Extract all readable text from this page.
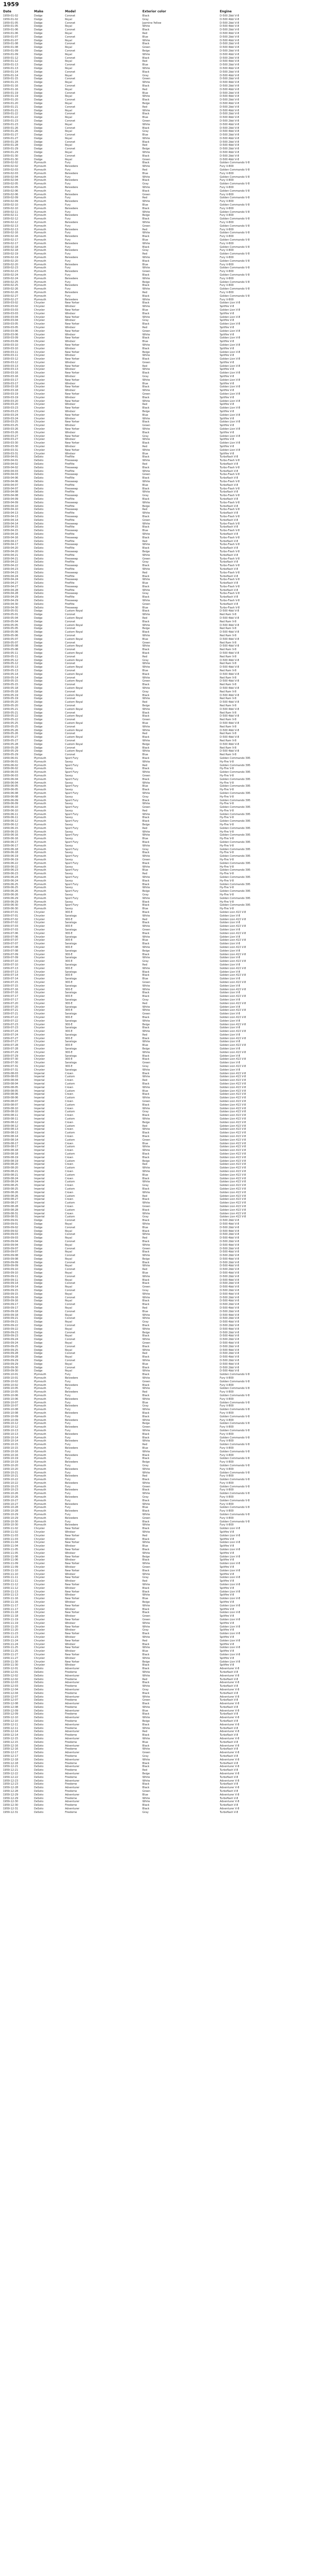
1959
Date	Make	Model	Exterior color	Engine
1959-01-02	Dodge	Coronet	Black	D-500 2bbl V-8
1959-01-02	Dodge	Royal	Gray	D-500 4bbl V-8
1959-01-05	Dodge	Coronet	Jasmine Yellow	D-500 2bbl V-8
1959-01-05	Dodge	Royal	White	D-500 4bbl V-8
1959-01-06	Dodge	Coronet	Black	D-500 2bbl V-8
1959-01-06	Dodge	Royal	Red	D-500 4bbl V-8
1959-01-07	Dodge	Coronet	Blue	D-500 2bbl V-8
1959-01-07	Dodge	Royal	White	D-500 4bbl V-8
1959-01-08	Dodge	Coronet	Black	D-500 2bbl V-8
1959-01-08	Dodge	Royal	Green	D-500 4bbl V-8
1959-01-09	Dodge	Coronet	Beige	D-500 2bbl V-8
1959-01-09	Dodge	Royal	White	D-500 4bbl V-8
1959-01-12	Dodge	Coronet	Black	D-500 2bbl V-8
1959-01-12	Dodge	Royal	Red	D-500 4bbl V-8
1959-01-13	Dodge	Coronet	Blue	D-500 2bbl V-8
1959-01-13	Dodge	Royal	White	D-500 4bbl V-8
1959-01-14	Dodge	Coronet	Black	D-500 2bbl V-8
1959-01-14	Dodge	Royal	Gray	D-500 4bbl V-8
1959-01-15	Dodge	Coronet	Green	D-500 2bbl V-8
1959-01-15	Dodge	Royal	White	D-500 4bbl V-8
1959-01-16	Dodge	Coronet	Black	D-500 2bbl V-8
1959-01-16	Dodge	Royal	Red	D-500 4bbl V-8
1959-01-19	Dodge	Coronet	Blue	D-500 2bbl V-8
1959-01-19	Dodge	Royal	White	D-500 4bbl V-8
1959-01-20	Dodge	Coronet	Black	D-500 2bbl V-8
1959-01-20	Dodge	Royal	Beige	D-500 4bbl V-8
1959-01-21	Dodge	Coronet	Red	D-500 2bbl V-8
1959-01-21	Dodge	Royal	White	D-500 4bbl V-8
1959-01-22	Dodge	Coronet	Black	D-500 2bbl V-8
1959-01-22	Dodge	Royal	Blue	D-500 4bbl V-8
1959-01-23	Dodge	Coronet	Green	D-500 2bbl V-8
1959-01-23	Dodge	Royal	White	D-500 4bbl V-8
1959-01-26	Dodge	Coronet	Black	D-500 2bbl V-8
1959-01-26	Dodge	Royal	Gray	D-500 4bbl V-8
1959-01-27	Dodge	Coronet	Blue	D-500 2bbl V-8
1959-01-27	Dodge	Royal	White	D-500 4bbl V-8
1959-01-28	Dodge	Coronet	Black	D-500 2bbl V-8
1959-01-28	Dodge	Royal	Red	D-500 4bbl V-8
1959-01-29	Dodge	Coronet	Beige	D-500 2bbl V-8
1959-01-29	Dodge	Royal	White	D-500 4bbl V-8
1959-01-30	Dodge	Coronet	Black	D-500 2bbl V-8
1959-01-30	Dodge	Royal	Green	D-500 4bbl V-8
1959-02-02	Plymouth	Fury	Black	Golden Commando V-8
1959-02-02	Plymouth	Belvedere	White	Fury V-800
1959-02-03	Plymouth	Fury	Red	Golden Commando V-8
1959-02-03	Plymouth	Belvedere	Blue	Fury V-800
1959-02-04	Plymouth	Fury	White	Golden Commando V-8
1959-02-04	Plymouth	Belvedere	Black	Fury V-800
1959-02-05	Plymouth	Fury	Gray	Golden Commando V-8
1959-02-05	Plymouth	Belvedere	White	Fury V-800
1959-02-06	Plymouth	Fury	Black	Golden Commando V-8
1959-02-06	Plymouth	Belvedere	Green	Fury V-800
1959-02-09	Plymouth	Fury	Red	Golden Commando V-8
1959-02-09	Plymouth	Belvedere	White	Fury V-800
1959-02-10	Plymouth	Fury	Blue	Golden Commando V-8
1959-02-10	Plymouth	Belvedere	Black	Fury V-800
1959-02-11	Plymouth	Fury	White	Golden Commando V-8
1959-02-11	Plymouth	Belvedere	Beige	Fury V-800
1959-02-12	Plymouth	Fury	Black	Golden Commando V-8
1959-02-12	Plymouth	Belvedere	White	Fury V-800
1959-02-13	Plymouth	Fury	Green	Golden Commando V-8
1959-02-13	Plymouth	Belvedere	Red	Fury V-800
1959-02-16	Plymouth	Fury	White	Golden Commando V-8
1959-02-16	Plymouth	Belvedere	Black	Fury V-800
1959-02-17	Plymouth	Fury	Blue	Golden Commando V-8
1959-02-17	Plymouth	Belvedere	White	Fury V-800
1959-02-18	Plymouth	Fury	Black	Golden Commando V-8
1959-02-18	Plymouth	Belvedere	Gray	Fury V-800
1959-02-19	Plymouth	Fury	Red	Golden Commando V-8
1959-02-19	Plymouth	Belvedere	White	Fury V-800
1959-02-20	Plymouth	Fury	Black	Golden Commando V-8
1959-02-20	Plymouth	Belvedere	Blue	Fury V-800
1959-02-23	Plymouth	Fury	White	Golden Commando V-8
1959-02-23	Plymouth	Belvedere	Green	Fury V-800
1959-02-24	Plymouth	Fury	Black	Golden Commando V-8
1959-02-24	Plymouth	Belvedere	White	Fury V-800
1959-02-25	Plymouth	Fury	Beige	Golden Commando V-8
1959-02-25	Plymouth	Belvedere	Black	Fury V-800
1959-02-26	Plymouth	Fury	White	Golden Commando V-8
1959-02-26	Plymouth	Belvedere	Red	Fury V-800
1959-02-27	Plymouth	Fury	Black	Golden Commando V-8
1959-02-27	Plymouth	Belvedere	White	Fury V-800
1959-03-02	Chrysler	New Yorker	Black	Golden Lion V-8
1959-03-02	Chrysler	Windsor	White	Spitfire V-8
1959-03-03	Chrysler	New Yorker	Blue	Golden Lion V-8
1959-03-03	Chrysler	Windsor	Black	Spitfire V-8
1959-03-04	Chrysler	New Yorker	White	Golden Lion V-8
1959-03-04	Chrysler	Windsor	Gray	Spitfire V-8
1959-03-05	Chrysler	New Yorker	Black	Golden Lion V-8
1959-03-05	Chrysler	Windsor	Red	Spitfire V-8
1959-03-06	Chrysler	New Yorker	Green	Golden Lion V-8
1959-03-06	Chrysler	Windsor	White	Spitfire V-8
1959-03-09	Chrysler	New Yorker	Black	Golden Lion V-8
1959-03-09	Chrysler	Windsor	Blue	Spitfire V-8
1959-03-10	Chrysler	New Yorker	White	Golden Lion V-8
1959-03-10	Chrysler	Windsor	Black	Spitfire V-8
1959-03-11	Chrysler	New Yorker	Beige	Golden Lion V-8
1959-03-11	Chrysler	Windsor	White	Spitfire V-8
1959-03-12	Chrysler	New Yorker	Black	Golden Lion V-8
1959-03-12	Chrysler	Windsor	Green	Spitfire V-8
1959-03-13	Chrysler	New Yorker	Red	Golden Lion V-8
1959-03-13	Chrysler	Windsor	White	Spitfire V-8
1959-03-16	Chrysler	New Yorker	Black	Golden Lion V-8
1959-03-16	Chrysler	Windsor	Gray	Spitfire V-8
1959-03-17	Chrysler	New Yorker	White	Golden Lion V-8
1959-03-17	Chrysler	Windsor	Blue	Spitfire V-8
1959-03-18	Chrysler	New Yorker	Black	Golden Lion V-8
1959-03-18	Chrysler	Windsor	White	Spitfire V-8
1959-03-19	Chrysler	New Yorker	Green	Golden Lion V-8
1959-03-19	Chrysler	Windsor	Black	Spitfire V-8
1959-03-20	Chrysler	New Yorker	White	Golden Lion V-8
1959-03-20	Chrysler	Windsor	Red	Spitfire V-8
1959-03-23	Chrysler	New Yorker	Black	Golden Lion V-8
1959-03-23	Chrysler	Windsor	Beige	Spitfire V-8
1959-03-24	Chrysler	New Yorker	Blue	Golden Lion V-8
1959-03-24	Chrysler	Windsor	White	Spitfire V-8
1959-03-25	Chrysler	New Yorker	Black	Golden Lion V-8
1959-03-25	Chrysler	Windsor	Green	Spitfire V-8
1959-03-26	Chrysler	New Yorker	White	Golden Lion V-8
1959-03-26	Chrysler	Windsor	Black	Spitfire V-8
1959-03-27	Chrysler	New Yorker	Gray	Golden Lion V-8
1959-03-27	Chrysler	Windsor	White	Spitfire V-8
1959-03-30	Chrysler	New Yorker	Black	Golden Lion V-8
1959-03-30	Chrysler	Windsor	Red	Spitfire V-8
1959-03-31	Chrysler	New Yorker	White	Golden Lion V-8
1959-03-31	Chrysler	Windsor	Blue	Spitfire V-8
1959-04-01	DeSoto	Fireflite	Black	Turboflash V-8
1959-04-01	DeSoto	Firesweep	White	Turbo-Flash V-8
1959-04-02	DeSoto	Fireflite	Red	Turboflash V-8
1959-04-02	DeSoto	Firesweep	Black	Turbo-Flash V-8
1959-04-03	DeSoto	Fireflite	White	Turboflash V-8
1959-04-03	DeSoto	Firesweep	Green	Turbo-Flash V-8
1959-04-06	DeSoto	Fireflite	Black	Turboflash V-8
1959-04-06	DeSoto	Firesweep	White	Turbo-Flash V-8
1959-04-07	DeSoto	Fireflite	Blue	Turboflash V-8
1959-04-07	DeSoto	Firesweep	Black	Turbo-Flash V-8
1959-04-08	DeSoto	Fireflite	White	Turboflash V-8
1959-04-08	DeSoto	Firesweep	Gray	Turbo-Flash V-8
1959-04-09	DeSoto	Fireflite	Black	Turboflash V-8
1959-04-09	DeSoto	Firesweep	White	Turbo-Flash V-8
1959-04-10	DeSoto	Fireflite	Beige	Turboflash V-8
1959-04-10	DeSoto	Firesweep	Red	Turbo-Flash V-8
1959-04-13	DeSoto	Fireflite	White	Turboflash V-8
1959-04-13	DeSoto	Firesweep	Black	Turbo-Flash V-8
1959-04-14	DeSoto	Fireflite	Green	Turboflash V-8
1959-04-14	DeSoto	Firesweep	White	Turbo-Flash V-8
1959-04-15	DeSoto	Fireflite	Black	Turboflash V-8
1959-04-15	DeSoto	Firesweep	Blue	Turbo-Flash V-8
1959-04-16	DeSoto	Fireflite	White	Turboflash V-8
1959-04-16	DeSoto	Firesweep	Black	Turbo-Flash V-8
1959-04-17	DeSoto	Fireflite	Red	Turboflash V-8
1959-04-17	DeSoto	Firesweep	White	Turbo-Flash V-8
1959-04-20	DeSoto	Fireflite	Black	Turboflash V-8
1959-04-20	DeSoto	Firesweep	Beige	Turbo-Flash V-8
1959-04-21	DeSoto	Fireflite	White	Turboflash V-8
1959-04-21	DeSoto	Firesweep	Green	Turbo-Flash V-8
1959-04-22	DeSoto	Fireflite	Gray	Turboflash V-8
1959-04-22	DeSoto	Firesweep	Black	Turbo-Flash V-8
1959-04-23	DeSoto	Fireflite	White	Turboflash V-8
1959-04-23	DeSoto	Firesweep	Red	Turbo-Flash V-8
1959-04-24	DeSoto	Fireflite	Black	Turboflash V-8
1959-04-24	DeSoto	Firesweep	White	Turbo-Flash V-8
1959-04-27	DeSoto	Fireflite	Blue	Turboflash V-8
1959-04-27	DeSoto	Firesweep	Black	Turbo-Flash V-8
1959-04-28	DeSoto	Fireflite	White	Turboflash V-8
1959-04-28	DeSoto	Firesweep	Gray	Turbo-Flash V-8
1959-04-29	DeSoto	Fireflite	Black	Turboflash V-8
1959-04-29	DeSoto	Firesweep	White	Turbo-Flash V-8
1959-04-30	DeSoto	Fireflite	Green	Turboflash V-8
1959-04-30	DeSoto	Firesweep	Blue	Turbo-Flash V-8
1959-05-01	Dodge	Custom Royal	Black	D-500 4bbl V-8
1959-05-01	Dodge	Coronet	White	Red Ram V-8
1959-05-04	Dodge	Custom Royal	Red	D-500 4bbl V-8
1959-05-04	Dodge	Coronet	Black	Red Ram V-8
1959-05-05	Dodge	Custom Royal	White	D-500 4bbl V-8
1959-05-05	Dodge	Coronet	Beige	Red Ram V-8
1959-05-06	Dodge	Custom Royal	Black	D-500 4bbl V-8
1959-05-06	Dodge	Coronet	White	Red Ram V-8
1959-05-07	Dodge	Custom Royal	Blue	D-500 4bbl V-8
1959-05-07	Dodge	Coronet	Green	Red Ram V-8
1959-05-08	Dodge	Custom Royal	White	D-500 4bbl V-8
1959-05-08	Dodge	Coronet	Black	Red Ram V-8
1959-05-11	Dodge	Custom Royal	Black	D-500 4bbl V-8
1959-05-11	Dodge	Coronet	Red	Red Ram V-8
1959-05-12	Dodge	Custom Royal	Gray	D-500 4bbl V-8
1959-05-12	Dodge	Coronet	White	Red Ram V-8
1959-05-13	Dodge	Custom Royal	White	D-500 4bbl V-8
1959-05-13	Dodge	Coronet	Blue	Red Ram V-8
1959-05-14	Dodge	Custom Royal	Black	D-500 4bbl V-8
1959-05-14	Dodge	Coronet	White	Red Ram V-8
1959-05-15	Dodge	Custom Royal	Green	D-500 4bbl V-8
1959-05-15	Dodge	Coronet	Black	Red Ram V-8
1959-05-18	Dodge	Custom Royal	White	D-500 4bbl V-8
1959-05-18	Dodge	Coronet	Gray	Red Ram V-8
1959-05-19	Dodge	Custom Royal	Black	D-500 4bbl V-8
1959-05-19	Dodge	Coronet	White	Red Ram V-8
1959-05-20	Dodge	Custom Royal	Red	D-500 4bbl V-8
1959-05-20	Dodge	Coronet	Beige	Red Ram V-8
1959-05-21	Dodge	Custom Royal	White	D-500 4bbl V-8
1959-05-21	Dodge	Coronet	Black	Red Ram V-8
1959-05-22	Dodge	Custom Royal	Black	D-500 4bbl V-8
1959-05-22	Dodge	Coronet	Green	Red Ram V-8
1959-05-25	Dodge	Custom Royal	Blue	D-500 4bbl V-8
1959-05-25	Dodge	Coronet	White	Red Ram V-8
1959-05-26	Dodge	Custom Royal	White	D-500 4bbl V-8
1959-05-26	Dodge	Coronet	Red	Red Ram V-8
1959-05-27	Dodge	Custom Royal	Black	D-500 4bbl V-8
1959-05-27	Dodge	Coronet	White	Red Ram V-8
1959-05-28	Dodge	Custom Royal	Beige	D-500 4bbl V-8
1959-05-28	Dodge	Coronet	Black	Red Ram V-8
1959-05-29	Dodge	Custom Royal	White	D-500 4bbl V-8
1959-05-29	Dodge	Coronet	Blue	Red Ram V-8
1959-06-01	Plymouth	Sport Fury	Black	Golden Commando 395
1959-06-01	Plymouth	Savoy	White	Hy-Fire V-8
1959-06-02	Plymouth	Sport Fury	Red	Golden Commando 395
1959-06-02	Plymouth	Savoy	Black	Hy-Fire V-8
1959-06-03	Plymouth	Sport Fury	White	Golden Commando 395
1959-06-03	Plymouth	Savoy	Green	Hy-Fire V-8
1959-06-04	Plymouth	Sport Fury	Black	Golden Commando 395
1959-06-04	Plymouth	Savoy	White	Hy-Fire V-8
1959-06-05	Plymouth	Sport Fury	Blue	Golden Commando 395
1959-06-05	Plymouth	Savoy	Black	Hy-Fire V-8
1959-06-08	Plymouth	Sport Fury	White	Golden Commando 395
1959-06-08	Plymouth	Savoy	Gray	Hy-Fire V-8
1959-06-09	Plymouth	Sport Fury	Black	Golden Commando 395
1959-06-09	Plymouth	Savoy	White	Hy-Fire V-8
1959-06-10	Plymouth	Sport Fury	Green	Golden Commando 395
1959-06-10	Plymouth	Savoy	Red	Hy-Fire V-8
1959-06-11	Plymouth	Sport Fury	White	Golden Commando 395
1959-06-11	Plymouth	Savoy	Black	Hy-Fire V-8
1959-06-12	Plymouth	Sport Fury	Black	Golden Commando 395
1959-06-12	Plymouth	Savoy	Beige	Hy-Fire V-8
1959-06-15	Plymouth	Sport Fury	Red	Golden Commando 395
1959-06-15	Plymouth	Savoy	White	Hy-Fire V-8
1959-06-16	Plymouth	Sport Fury	White	Golden Commando 395
1959-06-16	Plymouth	Savoy	Blue	Hy-Fire V-8
1959-06-17	Plymouth	Sport Fury	Black	Golden Commando 395
1959-06-17	Plymouth	Savoy	White	Hy-Fire V-8
1959-06-18	Plymouth	Sport Fury	Gray	Golden Commando 395
1959-06-18	Plymouth	Savoy	Black	Hy-Fire V-8
1959-06-19	Plymouth	Sport Fury	White	Golden Commando 395
1959-06-19	Plymouth	Savoy	Green	Hy-Fire V-8
1959-06-22	Plymouth	Sport Fury	Black	Golden Commando 395
1959-06-22	Plymouth	Savoy	White	Hy-Fire V-8
1959-06-23	Plymouth	Sport Fury	Blue	Golden Commando 395
1959-06-23	Plymouth	Savoy	Red	Hy-Fire V-8
1959-06-24	Plymouth	Sport Fury	White	Golden Commando 395
1959-06-24	Plymouth	Savoy	Black	Hy-Fire V-8
1959-06-25	Plymouth	Sport Fury	Black	Golden Commando 395
1959-06-25	Plymouth	Savoy	White	Hy-Fire V-8
1959-06-26	Plymouth	Sport Fury	Beige	Golden Commando 395
1959-06-26	Plymouth	Savoy	Gray	Hy-Fire V-8
1959-06-29	Plymouth	Sport Fury	White	Golden Commando 395
1959-06-29	Plymouth	Savoy	Black	Hy-Fire V-8
1959-06-30	Plymouth	Sport Fury	Black	Golden Commando 395
1959-06-30	Plymouth	Savoy	Blue	Hy-Fire V-8
1959-07-01	Chrysler	300-E	Black	Golden Lion 413 V-8
1959-07-01	Chrysler	Saratoga	White	Golden Lion V-8
1959-07-02	Chrysler	300-E	Red	Golden Lion 413 V-8
1959-07-02	Chrysler	Saratoga	Black	Golden Lion V-8
1959-07-03	Chrysler	300-E	White	Golden Lion 413 V-8
1959-07-03	Chrysler	Saratoga	Green	Golden Lion V-8
1959-07-06	Chrysler	300-E	Black	Golden Lion 413 V-8
1959-07-06	Chrysler	Saratoga	White	Golden Lion V-8
1959-07-07	Chrysler	300-E	Blue	Golden Lion 413 V-8
1959-07-07	Chrysler	Saratoga	Black	Golden Lion V-8
1959-07-08	Chrysler	300-E	White	Golden Lion 413 V-8
1959-07-08	Chrysler	Saratoga	Beige	Golden Lion V-8
1959-07-09	Chrysler	300-E	Black	Golden Lion 413 V-8
1959-07-09	Chrysler	Saratoga	White	Golden Lion V-8
1959-07-10	Chrysler	300-E	Gray	Golden Lion 413 V-8
1959-07-10	Chrysler	Saratoga	Red	Golden Lion V-8
1959-07-13	Chrysler	300-E	White	Golden Lion 413 V-8
1959-07-13	Chrysler	Saratoga	Black	Golden Lion V-8
1959-07-14	Chrysler	300-E	Black	Golden Lion 413 V-8
1959-07-14	Chrysler	Saratoga	Blue	Golden Lion V-8
1959-07-15	Chrysler	300-E	Green	Golden Lion 413 V-8
1959-07-15	Chrysler	Saratoga	White	Golden Lion V-8
1959-07-16	Chrysler	300-E	White	Golden Lion 413 V-8
1959-07-16	Chrysler	Saratoga	Black	Golden Lion V-8
1959-07-17	Chrysler	300-E	Black	Golden Lion 413 V-8
1959-07-17	Chrysler	Saratoga	Gray	Golden Lion V-8
1959-07-20	Chrysler	300-E	Red	Golden Lion 413 V-8
1959-07-20	Chrysler	Saratoga	White	Golden Lion V-8
1959-07-21	Chrysler	300-E	White	Golden Lion 413 V-8
1959-07-21	Chrysler	Saratoga	Green	Golden Lion V-8
1959-07-22	Chrysler	300-E	Black	Golden Lion 413 V-8
1959-07-22	Chrysler	Saratoga	White	Golden Lion V-8
1959-07-23	Chrysler	300-E	Beige	Golden Lion 413 V-8
1959-07-23	Chrysler	Saratoga	Black	Golden Lion V-8
1959-07-24	Chrysler	300-E	White	Golden Lion 413 V-8
1959-07-24	Chrysler	Saratoga	Red	Golden Lion V-8
1959-07-27	Chrysler	300-E	Black	Golden Lion 413 V-8
1959-07-27	Chrysler	Saratoga	White	Golden Lion V-8
1959-07-28	Chrysler	300-E	Blue	Golden Lion 413 V-8
1959-07-28	Chrysler	Saratoga	Beige	Golden Lion V-8
1959-07-29	Chrysler	300-E	White	Golden Lion 413 V-8
1959-07-29	Chrysler	Saratoga	Black	Golden Lion V-8
1959-07-30	Chrysler	300-E	Black	Golden Lion 413 V-8
1959-07-30	Chrysler	Saratoga	Green	Golden Lion V-8
1959-07-31	Chrysler	300-E	Gray	Golden Lion 413 V-8
1959-07-31	Chrysler	Saratoga	White	Golden Lion V-8
1959-08-03	Imperial	Crown	Black	Golden Lion 413 V-8
1959-08-03	Imperial	Custom	White	Golden Lion 413 V-8
1959-08-04	Imperial	Crown	Red	Golden Lion 413 V-8
1959-08-04	Imperial	Custom	Black	Golden Lion 413 V-8
1959-08-05	Imperial	Crown	White	Golden Lion 413 V-8
1959-08-05	Imperial	Custom	Blue	Golden Lion 413 V-8
1959-08-06	Imperial	Crown	Black	Golden Lion 413 V-8
1959-08-06	Imperial	Custom	White	Golden Lion 413 V-8
1959-08-07	Imperial	Crown	Green	Golden Lion 413 V-8
1959-08-07	Imperial	Custom	Black	Golden Lion 413 V-8
1959-08-10	Imperial	Crown	White	Golden Lion 413 V-8
1959-08-10	Imperial	Custom	Gray	Golden Lion 413 V-8
1959-08-11	Imperial	Crown	Black	Golden Lion 413 V-8
1959-08-11	Imperial	Custom	White	Golden Lion 413 V-8
1959-08-12	Imperial	Crown	Beige	Golden Lion 413 V-8
1959-08-12	Imperial	Custom	Red	Golden Lion 413 V-8
1959-08-13	Imperial	Crown	White	Golden Lion 413 V-8
1959-08-13	Imperial	Custom	Black	Golden Lion 413 V-8
1959-08-14	Imperial	Crown	Black	Golden Lion 413 V-8
1959-08-14	Imperial	Custom	Green	Golden Lion 413 V-8
1959-08-17	Imperial	Crown	Blue	Golden Lion 413 V-8
1959-08-17	Imperial	Custom	White	Golden Lion 413 V-8
1959-08-18	Imperial	Crown	White	Golden Lion 413 V-8
1959-08-18	Imperial	Custom	Black	Golden Lion 413 V-8
1959-08-19	Imperial	Crown	Black	Golden Lion 413 V-8
1959-08-19	Imperial	Custom	Beige	Golden Lion 413 V-8
1959-08-20	Imperial	Crown	Red	Golden Lion 413 V-8
1959-08-20	Imperial	Custom	White	Golden Lion 413 V-8
1959-08-21	Imperial	Crown	White	Golden Lion 413 V-8
1959-08-21	Imperial	Custom	Blue	Golden Lion 413 V-8
1959-08-24	Imperial	Crown	Black	Golden Lion 413 V-8
1959-08-24	Imperial	Custom	White	Golden Lion 413 V-8
1959-08-25	Imperial	Crown	Gray	Golden Lion 413 V-8
1959-08-25	Imperial	Custom	Black	Golden Lion 413 V-8
1959-08-26	Imperial	Crown	White	Golden Lion 413 V-8
1959-08-26	Imperial	Custom	Red	Golden Lion 413 V-8
1959-08-27	Imperial	Crown	Black	Golden Lion 413 V-8
1959-08-27	Imperial	Custom	White	Golden Lion 413 V-8
1959-08-28	Imperial	Crown	Green	Golden Lion 413 V-8
1959-08-28	Imperial	Custom	Black	Golden Lion 413 V-8
1959-08-31	Imperial	Crown	White	Golden Lion 413 V-8
1959-08-31	Imperial	Custom	Gray	Golden Lion 413 V-8
1959-09-01	Dodge	Coronet	Black	D-500 2bbl V-8
1959-09-01	Dodge	Royal	White	D-500 4bbl V-8
1959-09-02	Dodge	Coronet	Blue	D-500 2bbl V-8
1959-09-02	Dodge	Royal	Black	D-500 4bbl V-8
1959-09-03	Dodge	Coronet	White	D-500 2bbl V-8
1959-09-03	Dodge	Royal	Red	D-500 4bbl V-8
1959-09-04	Dodge	Coronet	Black	D-500 2bbl V-8
1959-09-04	Dodge	Royal	White	D-500 4bbl V-8
1959-09-07	Dodge	Coronet	Green	D-500 2bbl V-8
1959-09-07	Dodge	Royal	Black	D-500 4bbl V-8
1959-09-08	Dodge	Coronet	White	D-500 2bbl V-8
1959-09-08	Dodge	Royal	Beige	D-500 4bbl V-8
1959-09-09	Dodge	Coronet	Black	D-500 2bbl V-8
1959-09-09	Dodge	Royal	White	D-500 4bbl V-8
1959-09-10	Dodge	Coronet	Red	D-500 2bbl V-8
1959-09-10	Dodge	Royal	Blue	D-500 4bbl V-8
1959-09-11	Dodge	Coronet	White	D-500 2bbl V-8
1959-09-11	Dodge	Royal	Black	D-500 4bbl V-8
1959-09-14	Dodge	Coronet	Black	D-500 2bbl V-8
1959-09-14	Dodge	Royal	Green	D-500 4bbl V-8
1959-09-15	Dodge	Coronet	Gray	D-500 2bbl V-8
1959-09-15	Dodge	Royal	White	D-500 4bbl V-8
1959-09-16	Dodge	Coronet	White	D-500 2bbl V-8
1959-09-16	Dodge	Royal	Black	D-500 4bbl V-8
1959-09-17	Dodge	Coronet	Black	D-500 2bbl V-8
1959-09-17	Dodge	Royal	Red	D-500 4bbl V-8
1959-09-18	Dodge	Coronet	Blue	D-500 2bbl V-8
1959-09-18	Dodge	Royal	White	D-500 4bbl V-8
1959-09-21	Dodge	Coronet	White	D-500 2bbl V-8
1959-09-21	Dodge	Royal	Gray	D-500 4bbl V-8
1959-09-22	Dodge	Coronet	Black	D-500 2bbl V-8
1959-09-22	Dodge	Royal	White	D-500 4bbl V-8
1959-09-23	Dodge	Coronet	Beige	D-500 2bbl V-8
1959-09-23	Dodge	Royal	Black	D-500 4bbl V-8
1959-09-24	Dodge	Coronet	White	D-500 2bbl V-8
1959-09-24	Dodge	Royal	Green	D-500 4bbl V-8
1959-09-25	Dodge	Coronet	Black	D-500 2bbl V-8
1959-09-25	Dodge	Royal	White	D-500 4bbl V-8
1959-09-28	Dodge	Coronet	Red	D-500 2bbl V-8
1959-09-28	Dodge	Royal	Black	D-500 4bbl V-8
1959-09-29	Dodge	Coronet	White	D-500 2bbl V-8
1959-09-29	Dodge	Royal	Blue	D-500 4bbl V-8
1959-09-30	Dodge	Coronet	Black	D-500 2bbl V-8
1959-09-30	Dodge	Royal	White	D-500 4bbl V-8
1959-10-01	Plymouth	Fury	Black	Golden Commando V-8
1959-10-01	Plymouth	Belvedere	White	Fury V-800
1959-10-02	Plymouth	Fury	Green	Golden Commando V-8
1959-10-02	Plymouth	Belvedere	Black	Fury V-800
1959-10-05	Plymouth	Fury	White	Golden Commando V-8
1959-10-05	Plymouth	Belvedere	Red	Fury V-800
1959-10-06	Plymouth	Fury	Black	Golden Commando V-8
1959-10-06	Plymouth	Belvedere	White	Fury V-800
1959-10-07	Plymouth	Fury	Blue	Golden Commando V-8
1959-10-07	Plymouth	Belvedere	Gray	Fury V-800
1959-10-08	Plymouth	Fury	White	Golden Commando V-8
1959-10-08	Plymouth	Belvedere	Black	Fury V-800
1959-10-09	Plymouth	Fury	Black	Golden Commando V-8
1959-10-09	Plymouth	Belvedere	White	Fury V-800
1959-10-12	Plymouth	Fury	Beige	Golden Commando V-8
1959-10-12	Plymouth	Belvedere	Green	Fury V-800
1959-10-13	Plymouth	Fury	White	Golden Commando V-8
1959-10-13	Plymouth	Belvedere	Black	Fury V-800
1959-10-14	Plymouth	Fury	Black	Golden Commando V-8
1959-10-14	Plymouth	Belvedere	White	Fury V-800
1959-10-15	Plymouth	Fury	Red	Golden Commando V-8
1959-10-15	Plymouth	Belvedere	Blue	Fury V-800
1959-10-16	Plymouth	Fury	White	Golden Commando V-8
1959-10-16	Plymouth	Belvedere	Black	Fury V-800
1959-10-19	Plymouth	Fury	Black	Golden Commando V-8
1959-10-19	Plymouth	Belvedere	Beige	Fury V-800
1959-10-20	Plymouth	Fury	Gray	Golden Commando V-8
1959-10-20	Plymouth	Belvedere	White	Fury V-800
1959-10-21	Plymouth	Fury	White	Golden Commando V-8
1959-10-21	Plymouth	Belvedere	Red	Fury V-800
1959-10-22	Plymouth	Fury	Black	Golden Commando V-8
1959-10-22	Plymouth	Belvedere	White	Fury V-800
1959-10-23	Plymouth	Fury	Green	Golden Commando V-8
1959-10-23	Plymouth	Belvedere	Black	Fury V-800
1959-10-26	Plymouth	Fury	White	Golden Commando V-8
1959-10-26	Plymouth	Belvedere	Gray	Fury V-800
1959-10-27	Plymouth	Fury	Black	Golden Commando V-8
1959-10-27	Plymouth	Belvedere	White	Fury V-800
1959-10-28	Plymouth	Fury	Blue	Golden Commando V-8
1959-10-28	Plymouth	Belvedere	Black	Fury V-800
1959-10-29	Plymouth	Fury	White	Golden Commando V-8
1959-10-29	Plymouth	Belvedere	Green	Fury V-800
1959-10-30	Plymouth	Fury	Black	Golden Commando V-8
1959-10-30	Plymouth	Belvedere	White	Fury V-800
1959-11-02	Chrysler	New Yorker	Black	Golden Lion V-8
1959-11-02	Chrysler	Windsor	White	Spitfire V-8
1959-11-03	Chrysler	New Yorker	Red	Golden Lion V-8
1959-11-03	Chrysler	Windsor	Black	Spitfire V-8
1959-11-04	Chrysler	New Yorker	White	Golden Lion V-8
1959-11-04	Chrysler	Windsor	Blue	Spitfire V-8
1959-11-05	Chrysler	New Yorker	Black	Golden Lion V-8
1959-11-05	Chrysler	Windsor	White	Spitfire V-8
1959-11-06	Chrysler	New Yorker	Beige	Golden Lion V-8
1959-11-06	Chrysler	Windsor	Black	Spitfire V-8
1959-11-09	Chrysler	New Yorker	White	Golden Lion V-8
1959-11-09	Chrysler	Windsor	Green	Spitfire V-8
1959-11-10	Chrysler	New Yorker	Black	Golden Lion V-8
1959-11-10	Chrysler	Windsor	White	Spitfire V-8
1959-11-11	Chrysler	New Yorker	Gray	Golden Lion V-8
1959-11-11	Chrysler	Windsor	Red	Spitfire V-8
1959-11-12	Chrysler	New Yorker	White	Golden Lion V-8
1959-11-12	Chrysler	Windsor	Black	Spitfire V-8
1959-11-13	Chrysler	New Yorker	Black	Golden Lion V-8
1959-11-13	Chrysler	Windsor	White	Spitfire V-8
1959-11-16	Chrysler	New Yorker	Blue	Golden Lion V-8
1959-11-16	Chrysler	Windsor	Beige	Spitfire V-8
1959-11-17	Chrysler	New Yorker	White	Golden Lion V-8
1959-11-17	Chrysler	Windsor	Black	Spitfire V-8
1959-11-18	Chrysler	New Yorker	Black	Golden Lion V-8
1959-11-18	Chrysler	Windsor	Green	Spitfire V-8
1959-11-19	Chrysler	New Yorker	Green	Golden Lion V-8
1959-11-19	Chrysler	Windsor	White	Spitfire V-8
1959-11-20	Chrysler	New Yorker	White	Golden Lion V-8
1959-11-20	Chrysler	Windsor	Gray	Spitfire V-8
1959-11-23	Chrysler	New Yorker	Black	Golden Lion V-8
1959-11-23	Chrysler	Windsor	White	Spitfire V-8
1959-11-24	Chrysler	New Yorker	Red	Golden Lion V-8
1959-11-24	Chrysler	Windsor	Black	Spitfire V-8
1959-11-25	Chrysler	New Yorker	White	Golden Lion V-8
1959-11-25	Chrysler	Windsor	Blue	Spitfire V-8
1959-11-27	Chrysler	New Yorker	Black	Golden Lion V-8
1959-11-27	Chrysler	Windsor	White	Spitfire V-8
1959-11-30	Chrysler	New Yorker	Beige	Golden Lion V-8
1959-11-30	Chrysler	Windsor	Black	Spitfire V-8
1959-12-01	DeSoto	Adventurer	Black	Adventurer V-8
1959-12-01	DeSoto	Firedome	White	Turboflash V-8
1959-12-02	DeSoto	Adventurer	White	Adventurer V-8
1959-12-02	DeSoto	Firedome	Red	Turboflash V-8
1959-12-03	DeSoto	Adventurer	Black	Adventurer V-8
1959-12-03	DeSoto	Firedome	White	Turboflash V-8
1959-12-04	DeSoto	Adventurer	Gray	Adventurer V-8
1959-12-04	DeSoto	Firedome	Black	Turboflash V-8
1959-12-07	DeSoto	Adventurer	White	Adventurer V-8
1959-12-07	DeSoto	Firedome	Green	Turboflash V-8
1959-12-08	DeSoto	Adventurer	Black	Adventurer V-8
1959-12-08	DeSoto	Firedome	White	Turboflash V-8
1959-12-09	DeSoto	Adventurer	Blue	Adventurer V-8
1959-12-09	DeSoto	Firedome	Black	Turboflash V-8
1959-12-10	DeSoto	Adventurer	White	Adventurer V-8
1959-12-10	DeSoto	Firedome	Beige	Turboflash V-8
1959-12-11	DeSoto	Adventurer	Black	Adventurer V-8
1959-12-11	DeSoto	Firedome	White	Turboflash V-8
1959-12-14	DeSoto	Adventurer	Red	Adventurer V-8
1959-12-14	DeSoto	Firedome	Black	Turboflash V-8
1959-12-15	DeSoto	Adventurer	White	Adventurer V-8
1959-12-15	DeSoto	Firedome	Blue	Turboflash V-8
1959-12-16	DeSoto	Adventurer	Black	Adventurer V-8
1959-12-16	DeSoto	Firedome	White	Turboflash V-8
1959-12-17	DeSoto	Adventurer	Green	Adventurer V-8
1959-12-17	DeSoto	Firedome	Gray	Turboflash V-8
1959-12-18	DeSoto	Adventurer	White	Adventurer V-8
1959-12-18	DeSoto	Firedome	Black	Turboflash V-8
1959-12-21	DeSoto	Adventurer	Black	Adventurer V-8
1959-12-21	DeSoto	Firedome	Red	Turboflash V-8
1959-12-22	DeSoto	Adventurer	Beige	Adventurer V-8
1959-12-22	DeSoto	Firedome	White	Turboflash V-8
1959-12-23	DeSoto	Adventurer	White	Adventurer V-8
1959-12-23	DeSoto	Firedome	Black	Turboflash V-8
1959-12-28	DeSoto	Adventurer	Black	Adventurer V-8
1959-12-28	DeSoto	Firedome	Green	Turboflash V-8
1959-12-29	DeSoto	Adventurer	Blue	Adventurer V-8
1959-12-29	DeSoto	Firedome	White	Turboflash V-8
1959-12-30	DeSoto	Adventurer	White	Adventurer V-8
1959-12-30	DeSoto	Firedome	Black	Turboflash V-8
1959-12-31	DeSoto	Adventurer	Black	Adventurer V-8
1959-12-31	DeSoto	Firedome	Gray	Turboflash V-8
